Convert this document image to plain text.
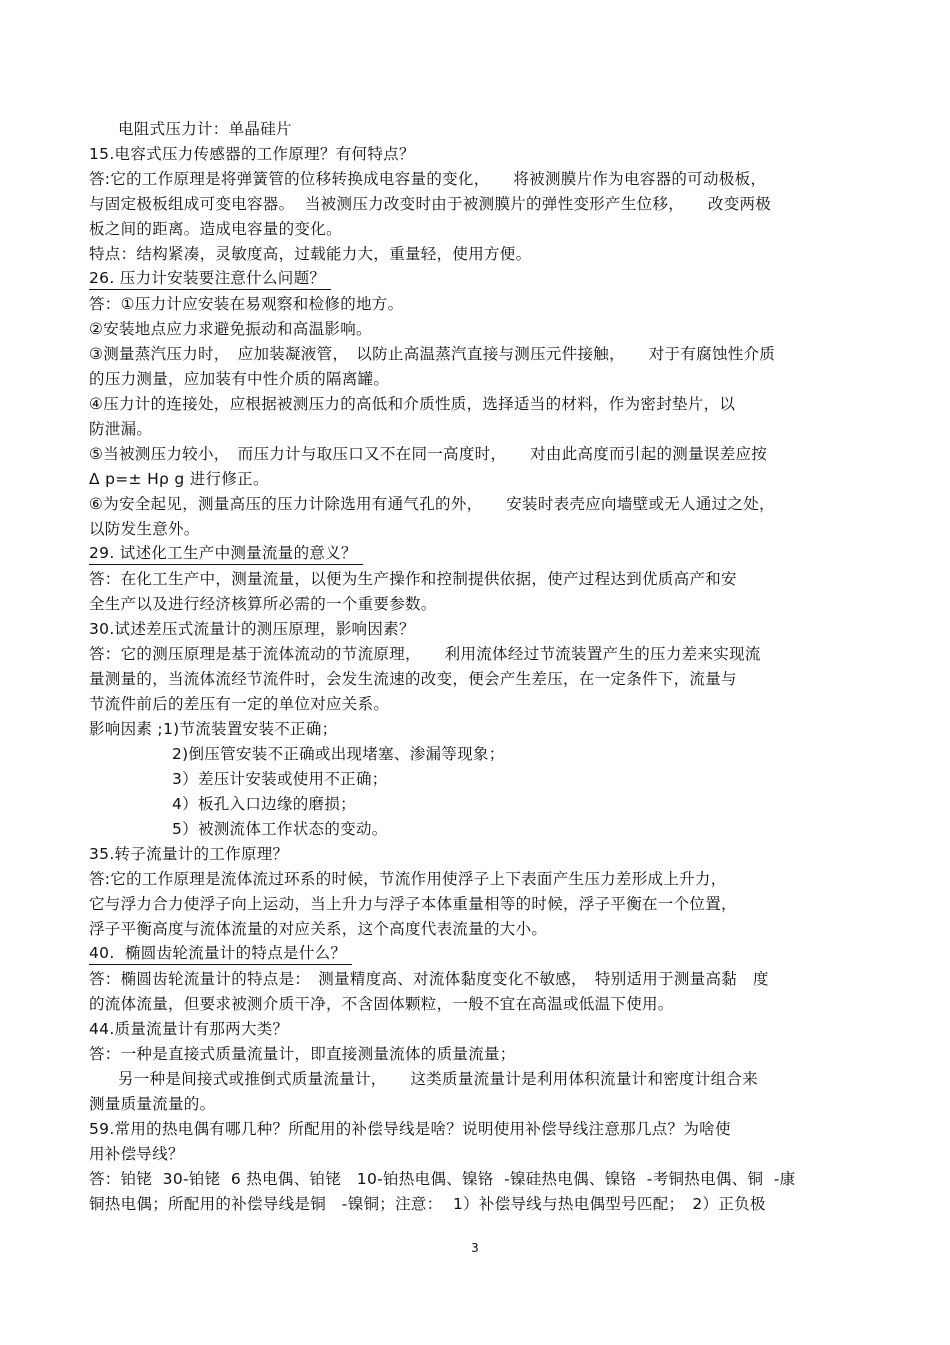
电阻式压力计：单晶硅片

15.电容式压力传感器的工作原理？有何特点？

答:它的工作原理是将弹簧管的位移转换成电容量的变化，　　将被测膜片作为电容器的可动极板，

与固定极板组成可变电容器。  当被测压力改变时由于被测膜片的弹性变形产生位移，　　改变两极

板之间的距离。造成电容量的变化。

特点：结构紧凑，灵敏度高，过载能力大，重量轻，使用方便。

26. 压力计安装要注意什么问题？

答：①压力计应安装在易观察和检修的地方。

②安装地点应力求避免振动和高温影响。

③测量蒸汽压力时，　应加装凝液管，　以防止高温蒸汽直接与测压元件接触，　　对于有腐蚀性介质

的压力测量，应加装有中性介质的隔离罐。

④压力计的连接处，应根据被测压力的高低和介质性质，选择适当的材料，作为密封垫片，以

防泄漏。

⑤当被测压力较小，　而压力计与取压口又不在同一高度时，　　对由此高度而引起的测量误差应按

Δ p=± Hρ g 进行修正。

⑥为安全起见，测量高压的压力计除选用有通气孔的外，　　安装时表壳应向墙壁或无人通过之处，

以防发生意外。

29. 试述化工生产中测量流量的意义？

答：在化工生产中，测量流量，以便为生产操作和控制提供依据，使产过程达到优质高产和安

全生产以及进行经济核算所必需的一个重要参数。

30.试述差压式流量计的测压原理，影响因素？

答：它的测压原理是基于流体流动的节流原理，　　利用流体经过节流装置产生的压力差来实现流

量测量的，当流体流经节流件时，会发生流速的改变，便会产生差压，在一定条件下，流量与

节流件前后的差压有一定的单位对应关系。

影响因素 ;1)节流装置安装不正确；

2)倒压管安装不正确或出现堵塞、渗漏等现象；

3）差压计安装或使用不正确；

4）板孔入口边缘的磨损；

5）被测流体工作状态的变动。

35.转子流量计的工作原理？

答:它的工作原理是流体流过环系的时候，节流作用使浮子上下表面产生压力差形成上升力，

它与浮力合力使浮子向上运动，当上升力与浮子本体重量相等的时候，浮子平衡在一个位置，

浮子平衡高度与流体流量的对应关系，这个高度代表流量的大小。

40.  椭圆齿轮流量计的特点是什么？

答：椭圆齿轮流量计的特点是：　测量精度高、对流体黏度变化不敏感，　特别适用于测量高黏　度

的流体流量，但要求被测介质干净，不含固体颗粒，一般不宜在高温或低温下使用。

44.质量流量计有那两大类？

答：一种是直接式质量流量计，即直接测量流体的质量流量；

另一种是间接式或推倒式质量流量计，　　这类质量流量计是利用体积流量计和密度计组合来

测量质量流量的。

59.常用的热电偶有哪几种？所配用的补偿导线是啥？说明使用补偿导线注意那几点？为啥使

用补偿导线？

答：铂铑  30-铂铑  6 热电偶、铂铑   10-铂热电偶、镍铬  -镍硅热电偶、镍铬  -考铜热电偶、铜  -康

铜热电偶；所配用的补偿导线是铜　-镍铜；注意：  1）补偿导线与热电偶型号匹配；　2）正负极

3
